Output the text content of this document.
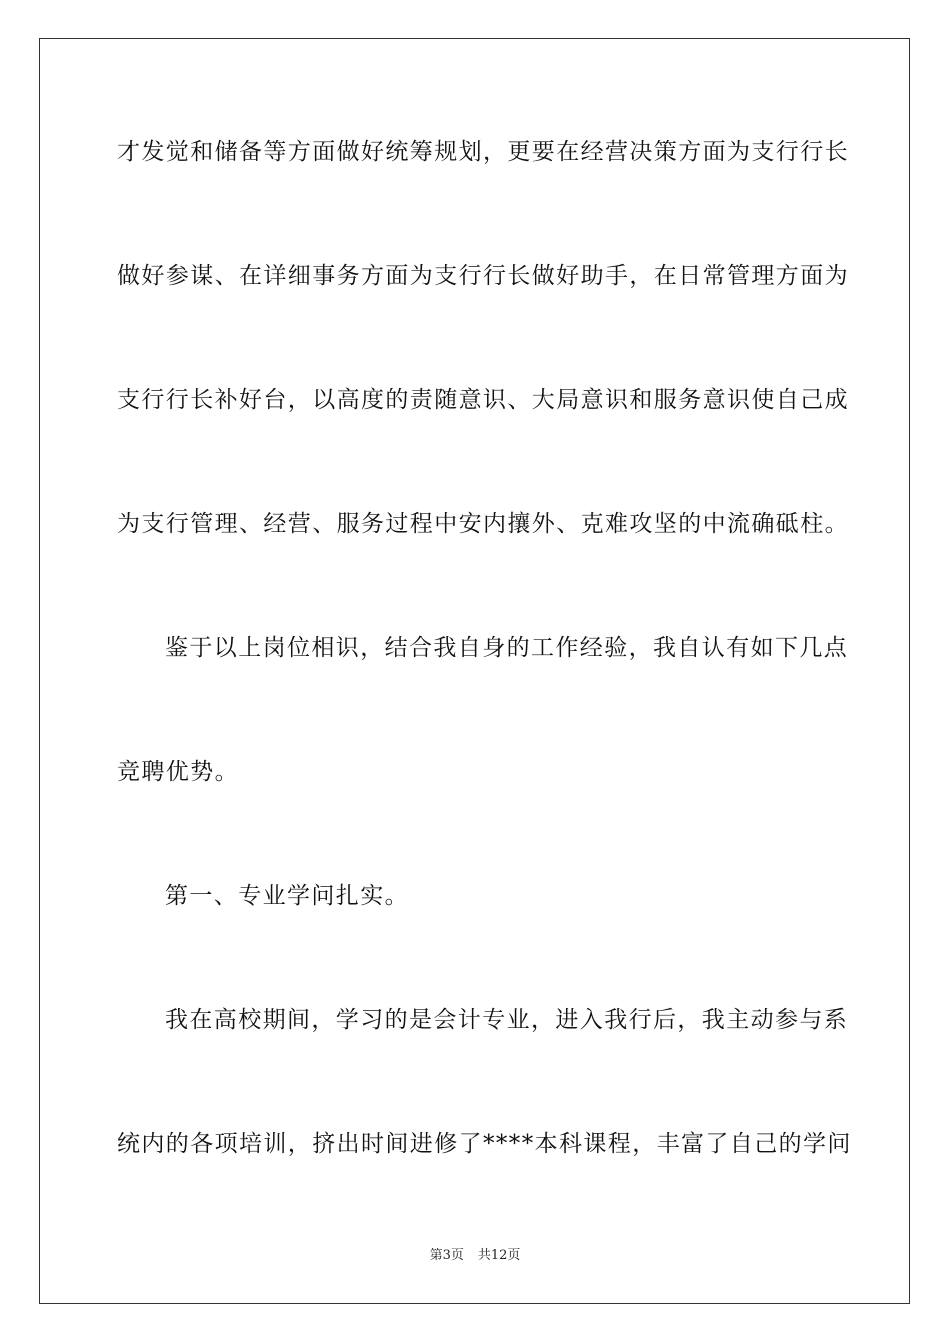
才发觉和储备等方面做好统筹规划，更要在经营决策方面为支行行长
做好参谋、在详细事务方面为支行行长做好助手，在日常管理方面为
支行行长补好台，以高度的责随意识、大局意识和服务意识使自己成
为支行管理、经营、服务过程中安内攘外、克难攻坚的中流确砥柱。
鉴于以上岗位相识，结合我自身的工作经验，我自认有如下几点
竞聘优势。
第一、专业学问扎实。
我在高校期间，学习的是会计专业，进入我行后，我主动参与系
统内的各项培训，挤出时间进修了****本科课程，丰富了自己的学问
第3页 共12页
